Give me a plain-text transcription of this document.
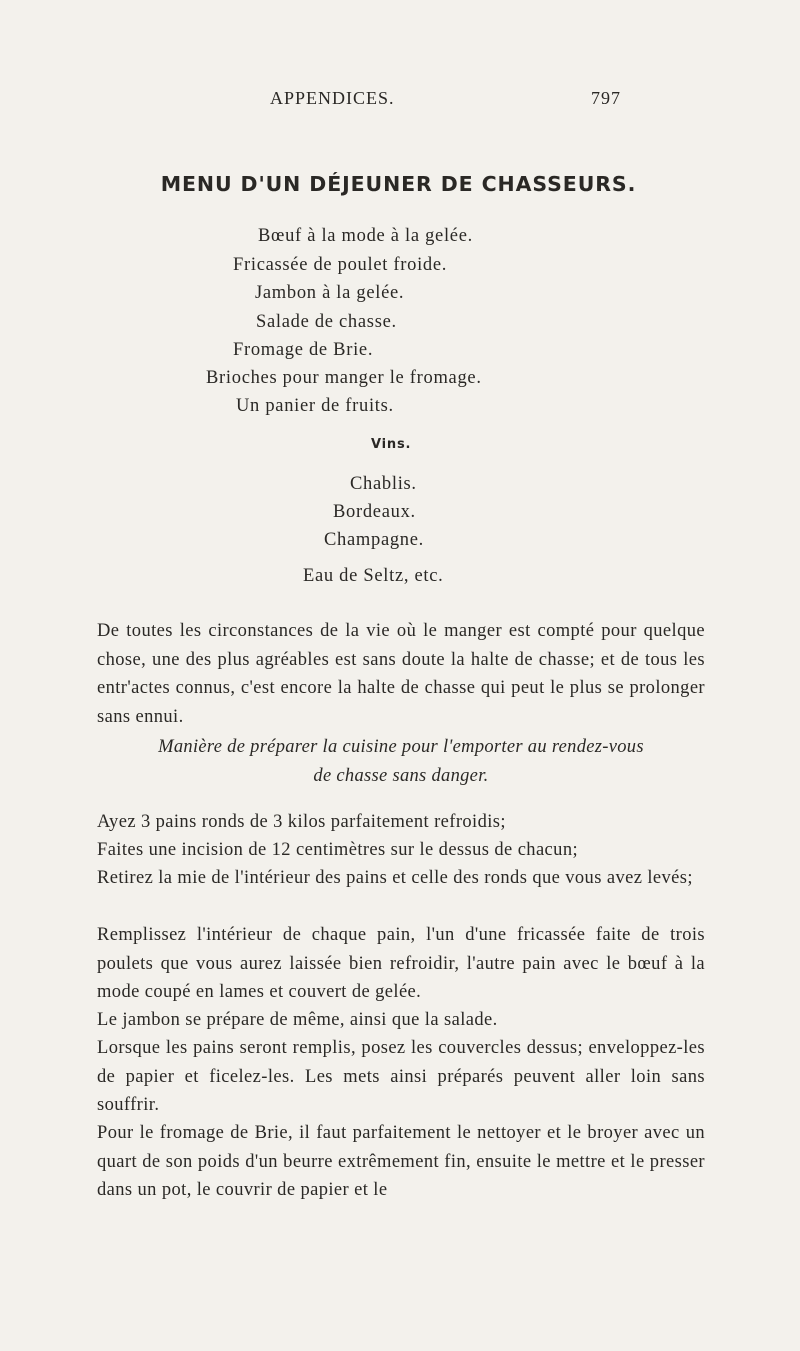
APPENDICES.	797
MENU D'UN DÉJEUNER DE CHASSEURS.
Bœuf à la mode à la gelée.
Fricassée de poulet froide.
Jambon à la gelée.
Salade de chasse.
Fromage de Brie.
Brioches pour manger le fromage.
Un panier de fruits.
Vins.
Chablis.
Bordeaux.
Champagne.
Eau de Seltz, etc.
De toutes les circonstances de la vie où le manger est compté pour quelque chose, une des plus agréables est sans doute la halte de chasse; et de tous les entr'actes connus, c'est encore la halte de chasse qui peut le plus se prolonger sans ennui.
Manière de préparer la cuisine pour l'emporter au rendez-vous
de chasse sans danger.
Ayez 3 pains ronds de 3 kilos parfaitement refroidis;
Faites une incision de 12 centimètres sur le dessus de chacun;
Retirez la mie de l'intérieur des pains et celle des ronds que vous avez levés;
Remplissez l'intérieur de chaque pain, l'un d'une fricassée faite de trois poulets que vous aurez laissée bien refroidir, l'autre pain avec le bœuf à la mode coupé en lames et couvert de gelée.
Le jambon se prépare de même, ainsi que la salade.
Lorsque les pains seront remplis, posez les couvercles dessus; enveloppez-les de papier et ficelez-les. Les mets ainsi préparés peuvent aller loin sans souffrir.
Pour le fromage de Brie, il faut parfaitement le nettoyer et le broyer avec un quart de son poids d'un beurre extrêmement fin, ensuite le mettre et le presser dans un pot, le couvrir de papier et le
